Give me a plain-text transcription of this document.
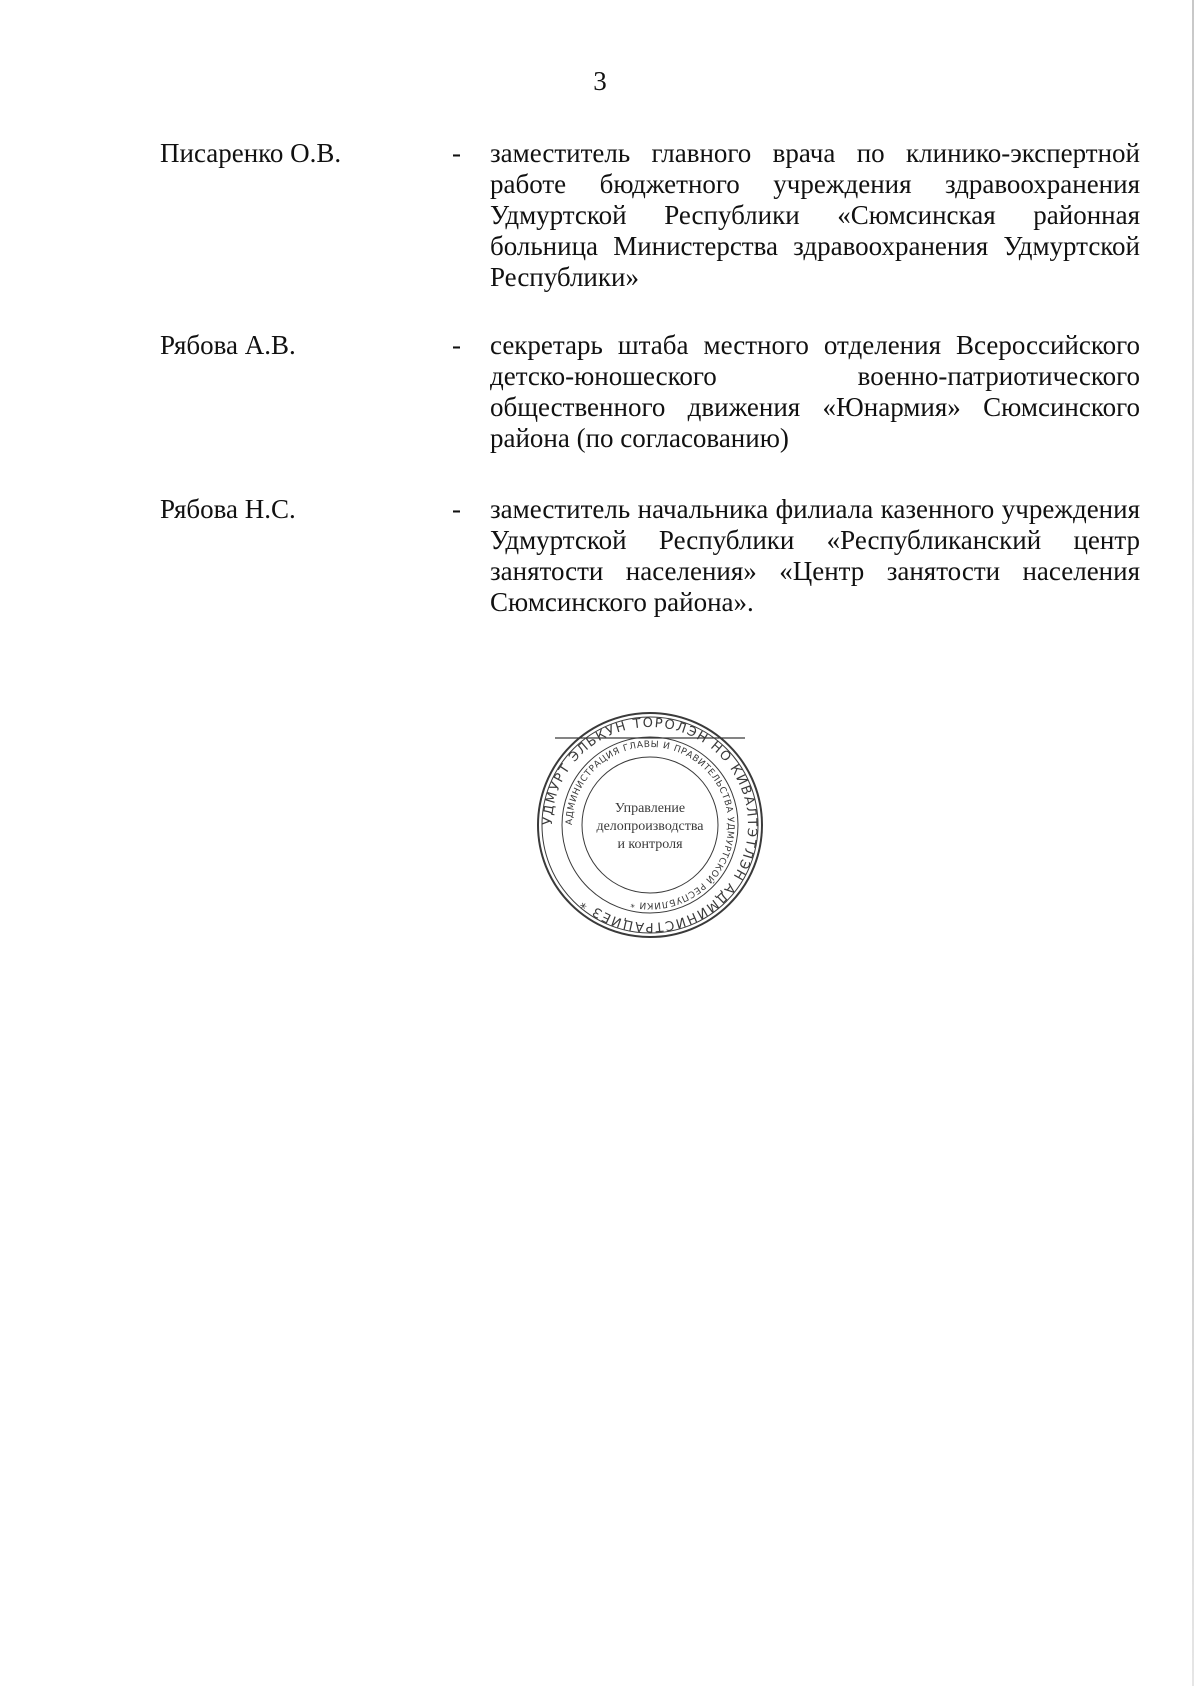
3
Писаренко О.В.	- заместитель главного врача по клинико-экспертной работе бюджетного учреждения здравоохранения Удмуртской Республики «Сюмсинская районная больница Министерства здравоохранения Удмуртской Республики»
Рябова А.В.	- секретарь штаба местного отделения Всероссийского детско-юношеского военно-патриотического общественного движения «Юнармия» Сюмсинского района (по согласованию)
Рябова Н.С.	- заместитель начальника филиала казенного учреждения Удмуртской Республики «Республиканский центр занятости населения» «Центр занятости населения Сюмсинского района».
УДМУРТ ЭЛЬКУН ТОРОЛЭН НО КИВАЛТЭТЛЭН АДМИНИСТРАЦИЕЗ *
АДМИНИСТРАЦИЯ ГЛАВЫ И ПРАВИТЕЛЬСТВА УДМУРТСКОЙ РЕСПУБЛИКИ *
Управление
делопроизводства
и контроля
